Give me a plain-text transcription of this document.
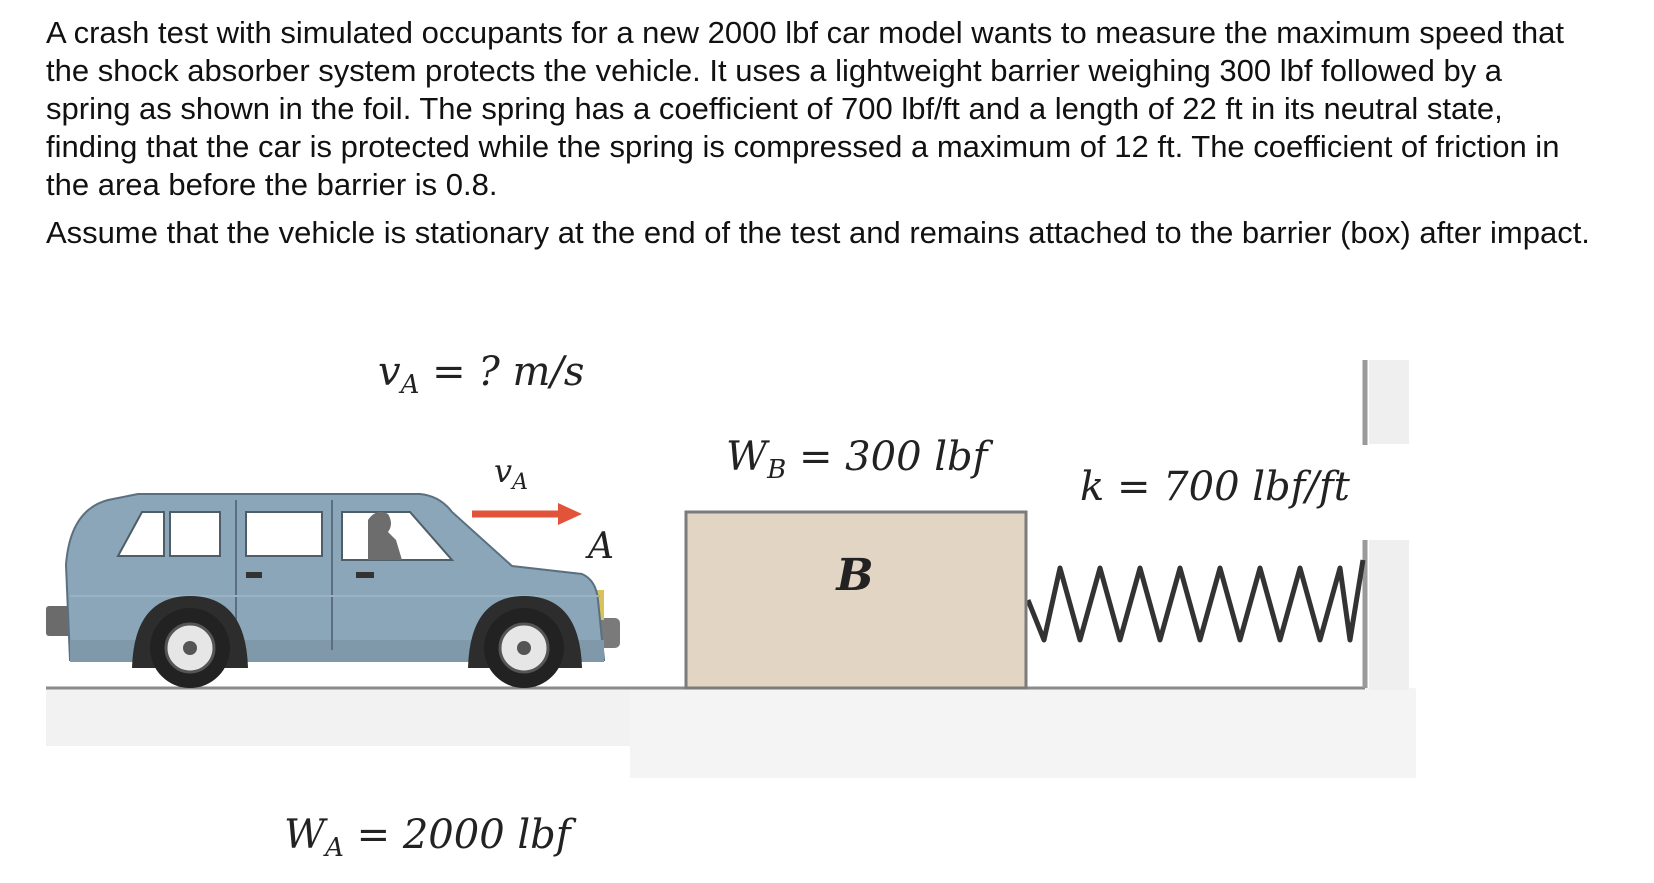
A crash test with simulated occupants for a new 2000 lbf car model wants to measure the maximum speed that
the shock absorber system protects the vehicle. It uses a lightweight barrier weighing 300 lbf followed by a
spring as shown in the foil. The spring has a coefficient of 700 lbf/ft and a length of 22 ft in its neutral state,
finding that the car is protected while the spring is compressed a maximum of 12 ft. The coefficient of friction in
the area before the barrier is 0.8.

Assume that the vehicle is stationary at the end of the test and remains attached to the barrier (box) after impact.

B
$v_A$ = ? m/s
$v_A$
A
$W_B = 300$ lbf
k = 700 lbf/ft
$W_A = 2000$ lbf
